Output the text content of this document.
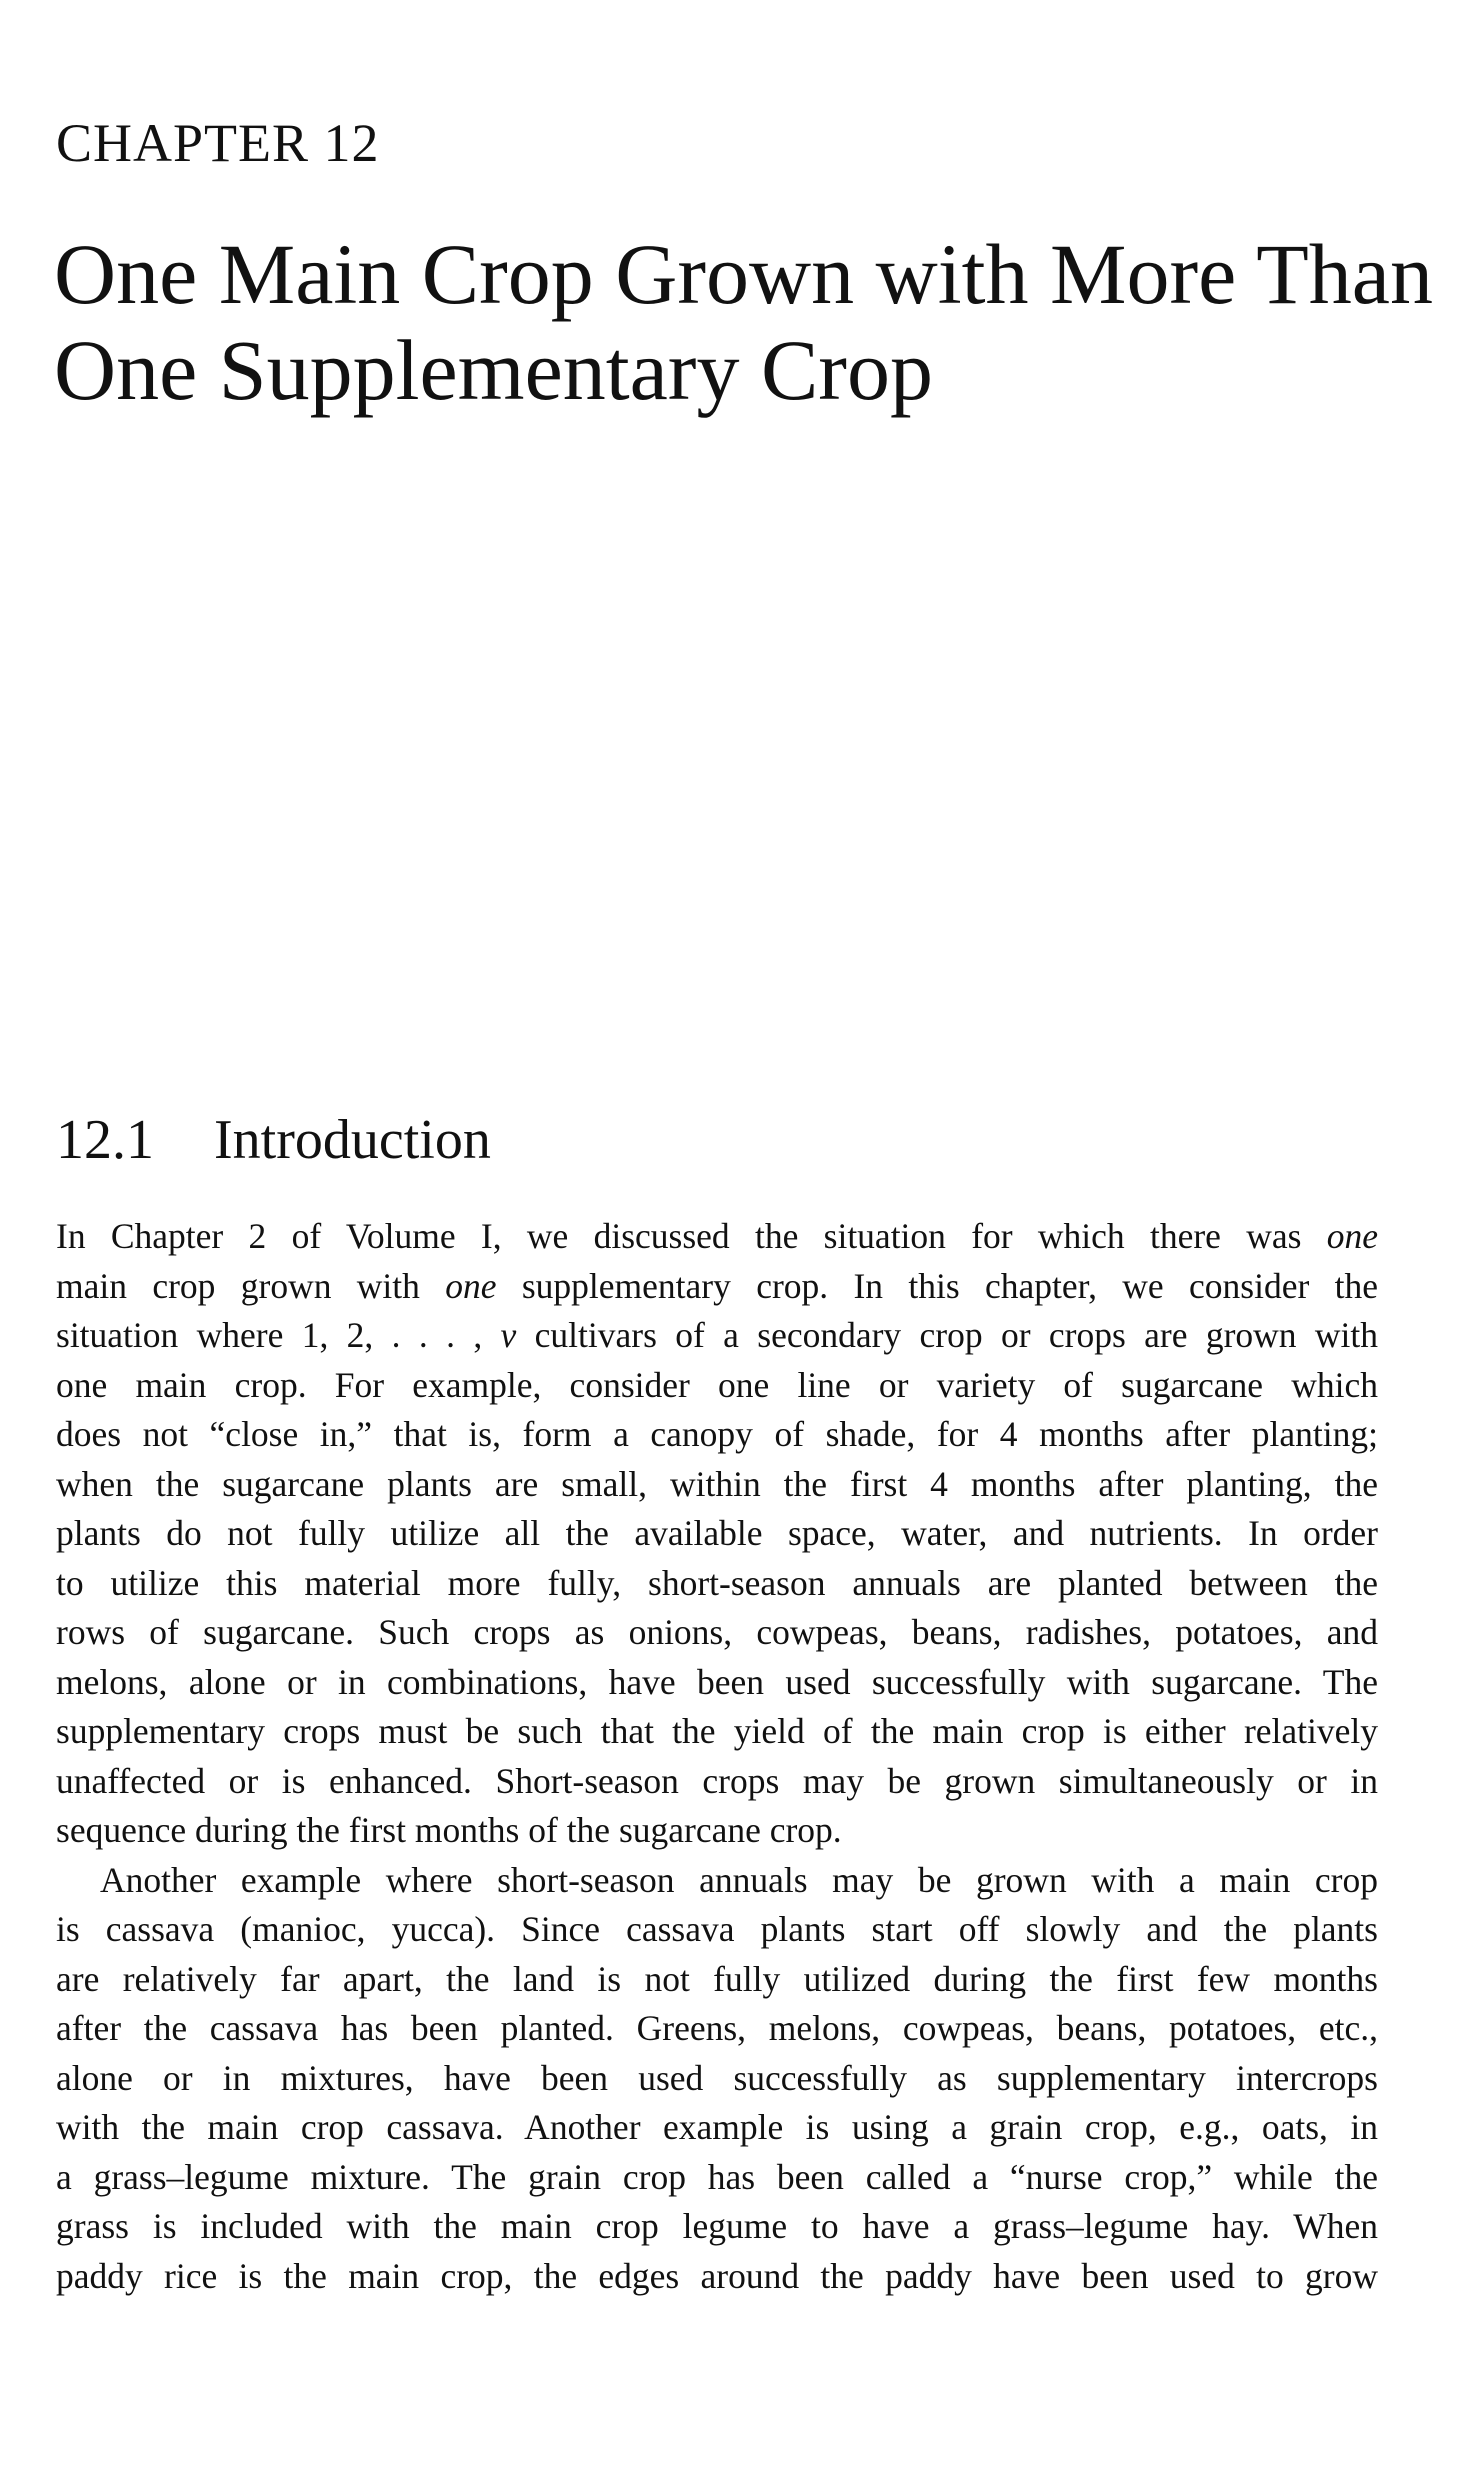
CHAPTER 12
One Main Crop Grown with More Than
One Supplementary Crop
12.1 Introduction
In Chapter 2 of Volume I, we discussed the situation for which there was one
main crop grown with one supplementary crop. In this chapter, we consider the
situation where 1, 2, . . . , v cultivars of a secondary crop or crops are grown with
one main crop. For example, consider one line or variety of sugarcane which
does not “close in,” that is, form a canopy of shade, for 4 months after planting;
when the sugarcane plants are small, within the first 4 months after planting, the
plants do not fully utilize all the available space, water, and nutrients. In order
to utilize this material more fully, short-season annuals are planted between the
rows of sugarcane. Such crops as onions, cowpeas, beans, radishes, potatoes, and
melons, alone or in combinations, have been used successfully with sugarcane. The
supplementary crops must be such that the yield of the main crop is either relatively
unaffected or is enhanced. Short-season crops may be grown simultaneously or in
sequence during the first months of the sugarcane crop.
Another example where short-season annuals may be grown with a main crop
is cassava (manioc, yucca). Since cassava plants start off slowly and the plants
are relatively far apart, the land is not fully utilized during the first few months
after the cassava has been planted. Greens, melons, cowpeas, beans, potatoes, etc.,
alone or in mixtures, have been used successfully as supplementary intercrops
with the main crop cassava. Another example is using a grain crop, e.g., oats, in
a grass–legume mixture. The grain crop has been called a “nurse crop,” while the
grass is included with the main crop legume to have a grass–legume hay. When
paddy rice is the main crop, the edges around the paddy have been used to grow
